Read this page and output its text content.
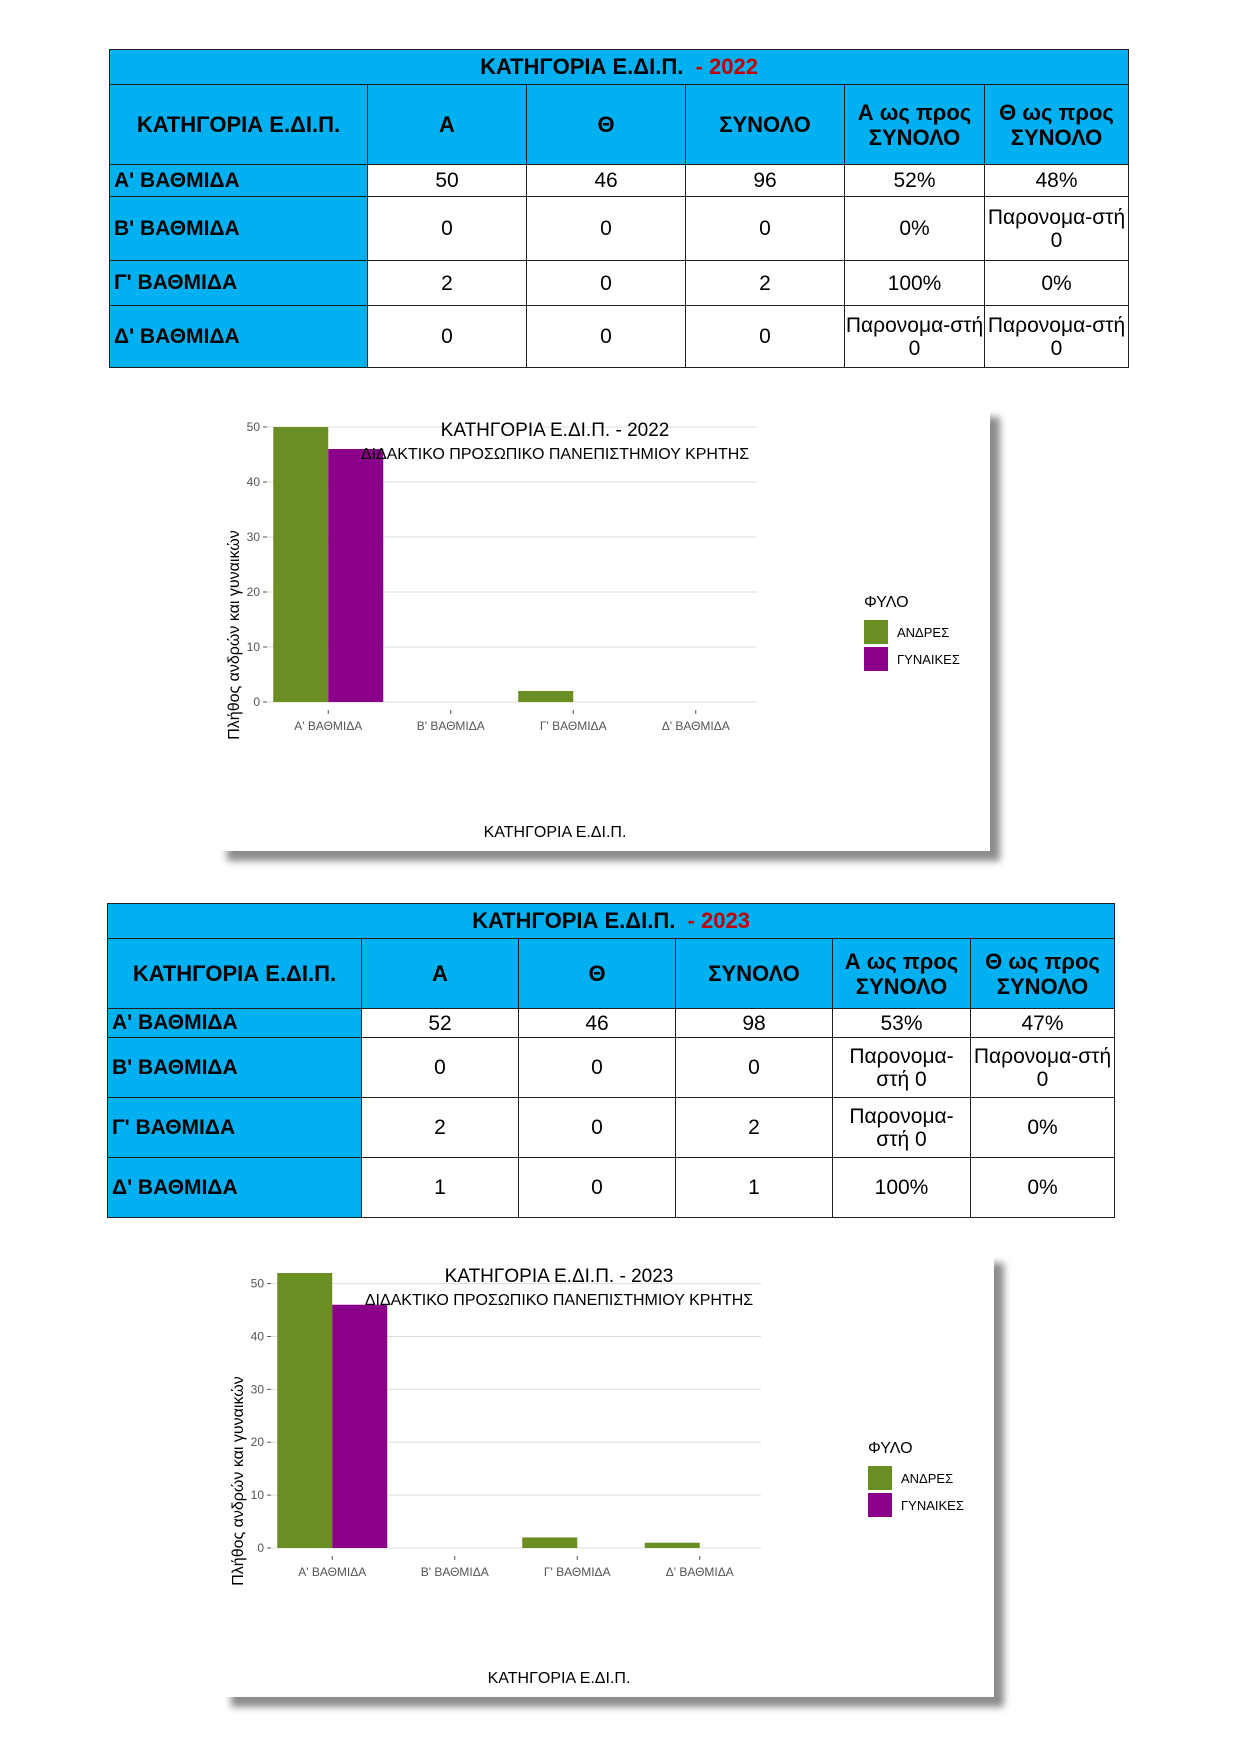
ΚΑΤΗΓΟΡΙΑ Ε.ΔΙ.Π. - 2022					
ΚΑΤΗΓΟΡΙΑ Ε.ΔΙ.Π.	Α	Θ	ΣΥΝΟΛΟ	Α ως προς ΣΥΝΟΛΟ	Θ ως προς ΣΥΝΟΛΟ
Α' ΒΑΘΜΙΔΑ	50	46	96	52%	48%
Β' ΒΑΘΜΙΔΑ	0	0	0	0%	Παρονομα-στή 0
Γ' ΒΑΘΜΙΔΑ	2	0	2	100%	0%
Δ' ΒΑΘΜΙΔΑ	0	0	0	Παρονομα-στή 0	Παρονομα-στή 0
0
10
20
30
40
50
Α' ΒΑΘΜΙΔΑ	Β' ΒΑΘΜΙΔΑ	Γ' ΒΑΘΜΙΔΑ	Δ' ΒΑΘΜΙΔΑ
ΚΑΤΗΓΟΡΙΑ Ε.ΔΙ.Π. - 2022
ΔΙΔΑΚΤΙΚΟ ΠΡΟΣΩΠΙΚΟ ΠΑΝΕΠΙΣΤΗΜΙΟΥ ΚΡΗΤΗΣ
Πλήθος ανδρών και γυναικών
ΚΑΤΗΓΟΡΙΑ Ε.ΔΙ.Π.
ΦΥΛΟ
ΑΝΔΡΕΣ
ΓΥΝΑΙΚΕΣ
ΚΑΤΗΓΟΡΙΑ Ε.ΔΙ.Π. - 2023					
ΚΑΤΗΓΟΡΙΑ Ε.ΔΙ.Π.	Α	Θ	ΣΥΝΟΛΟ	Α ως προς ΣΥΝΟΛΟ	Θ ως προς ΣΥΝΟΛΟ
Α' ΒΑΘΜΙΔΑ	52	46	98	53%	47%
Β' ΒΑΘΜΙΔΑ	0	0	0	Παρονομα-στή 0	Παρονομα-στή 0
Γ' ΒΑΘΜΙΔΑ	2	0	2	Παρονομα-στή 0	0%
Δ' ΒΑΘΜΙΔΑ	1	0	1	100%	0%
0
10
20
30
40
50
Α' ΒΑΘΜΙΔΑ	Β' ΒΑΘΜΙΔΑ	Γ' ΒΑΘΜΙΔΑ	Δ' ΒΑΘΜΙΔΑ
ΚΑΤΗΓΟΡΙΑ Ε.ΔΙ.Π. - 2023
ΔΙΔΑΚΤΙΚΟ ΠΡΟΣΩΠΙΚΟ ΠΑΝΕΠΙΣΤΗΜΙΟΥ ΚΡΗΤΗΣ
Πλήθος ανδρών και γυναικών
ΚΑΤΗΓΟΡΙΑ Ε.ΔΙ.Π.
ΦΥΛΟ
ΑΝΔΡΕΣ
ΓΥΝΑΙΚΕΣ
